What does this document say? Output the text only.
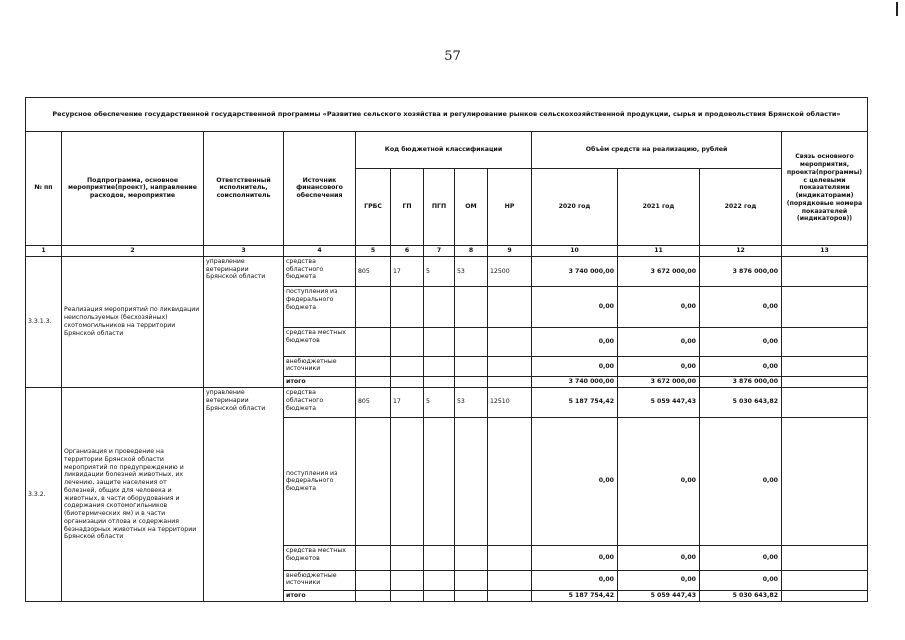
57
Ресурсное обеспечение государственной государственной программы «Развитие сельского хозяйства и регулирование рынков сельскохозяйственной продукции, сырья и продовольствия Брянской области»												
№ пп	Подпрограмма, основное мероприятие(проект), направление расходов, мероприятие	Ответственный исполнитель, соисполнитель	Источник финансового обеспечения	Код бюджетной классификации					Объём средств на реализацию, рублей			Связь основного мероприятия, проекта(программы) с целевыми показателями (индикаторами) (порядковые номера показателей (индикаторов))
				ГРБС	ГП	ПГП	ОМ	НР	2020 год	2021 год	2022 год	
1	2	3	4	5	6	7	8	9	10	11	12	13
3.3.1.3.	Реализация мероприятий по ликвидации неиспользуемых (бесхозяйных) скотомогильников на территории Брянской области	управление ветеринарии Брянской области	средства областного бюджета	805	17	5	53	12500	3 740 000,00	3 672 000,00	3 876 000,00	
			поступления из федерального бюджета						0,00	0,00	0,00	
			средства местных бюджетов						0,00	0,00	0,00	
			внебюджетные источники						0,00	0,00	0,00	
			итого						3 740 000,00	3 672 000,00	3 876 000,00	
3.3.2.	Организация и проведение на территории Брянской области мероприятий по предупреждению и ликвидации болезней животных, их лечению, защите населения от болезней, общих для человека и животных, в части оборудования и содержания скотомогильников (биотермических ям) и в части организации отлова и содержания безнадзорных животных на территории Брянской области	управление ветеринарии Брянской области	средства областного бюджета	805	17	5	53	12510	5 187 754,42	5 059 447,43	5 030 643,82	
			поступления из федерального бюджета						0,00	0,00	0,00	
			средства местных бюджетов						0,00	0,00	0,00	
			внебюджетные источники						0,00	0,00	0,00	
			итого						5 187 754,42	5 059 447,43	5 030 643,82	
